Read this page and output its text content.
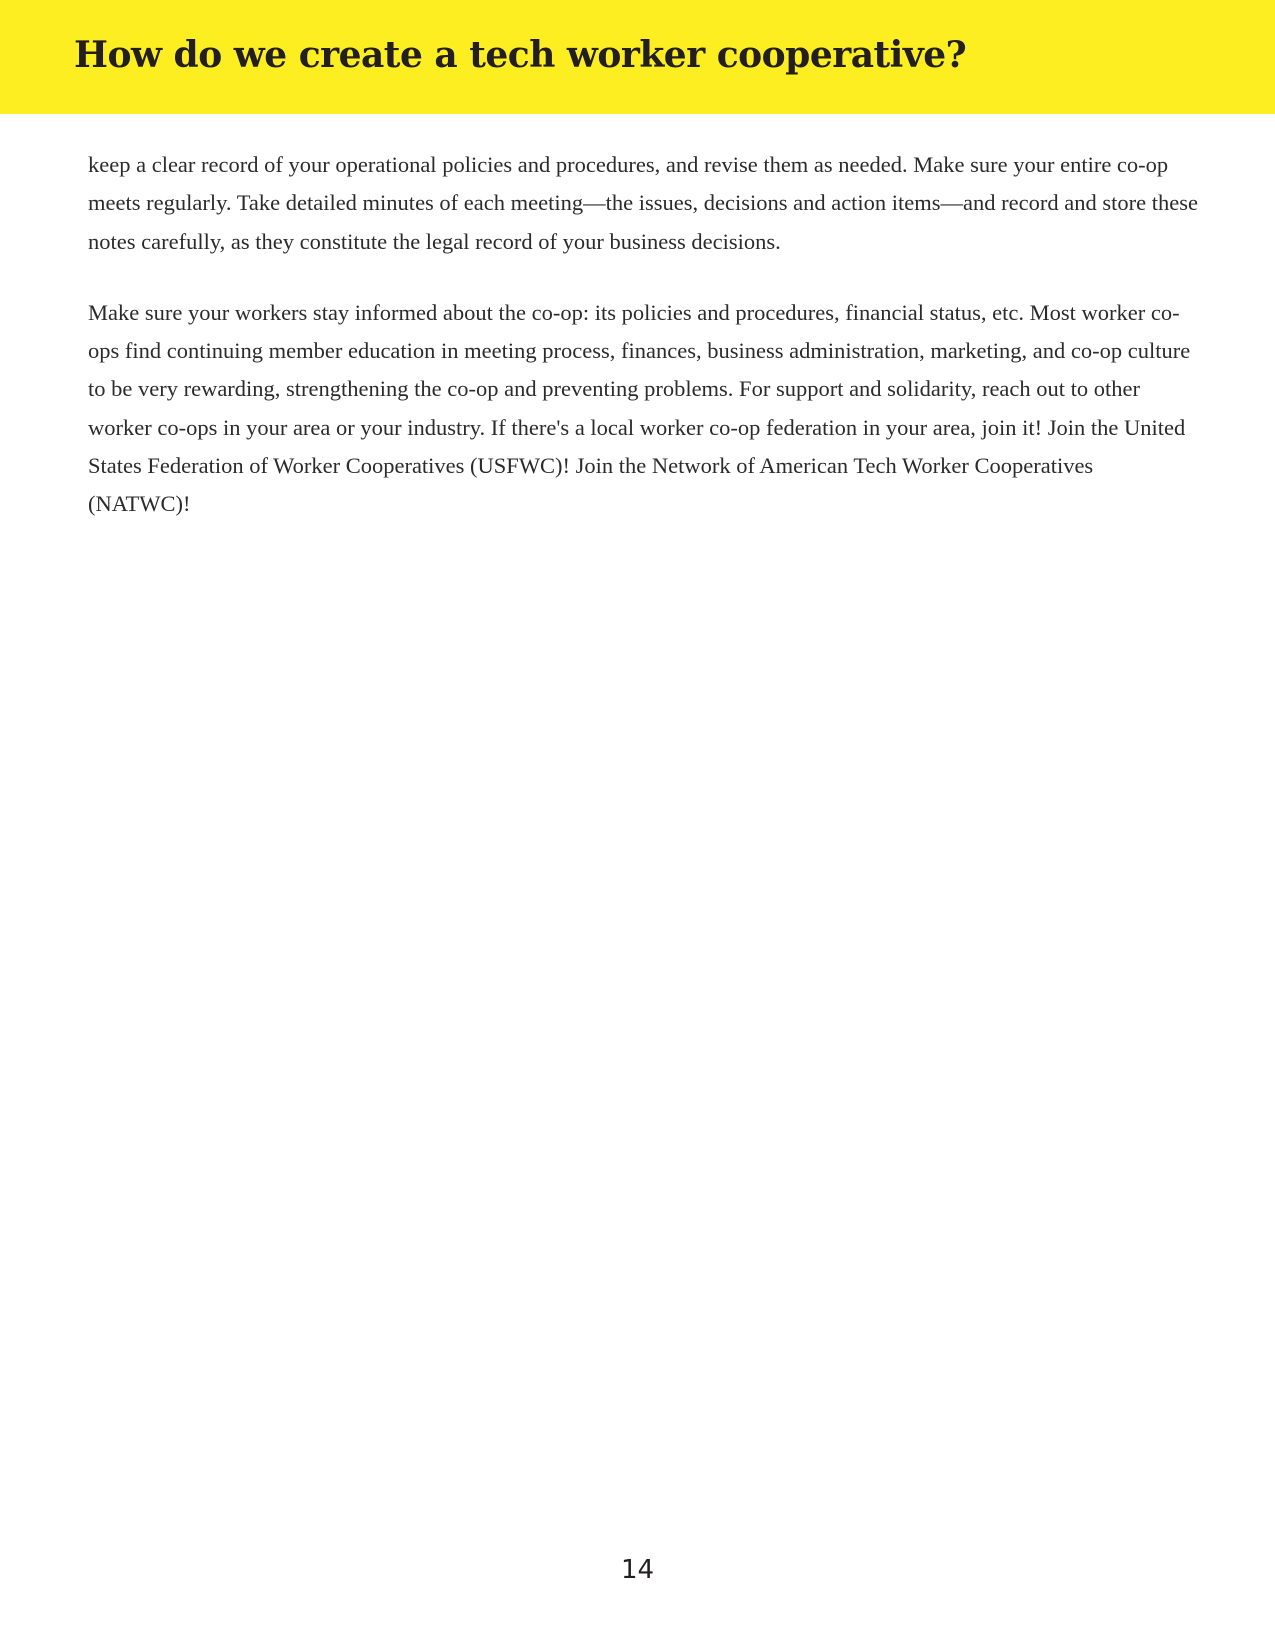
How do we create a tech worker cooperative?

keep a clear record of your operational policies and procedures, and revise them as needed. Make sure your entire co-op meets regularly. Take detailed minutes of each meeting—the issues, decisions and action items—and record and store these notes carefully, as they constitute the legal record of your business decisions.

Make sure your workers stay informed about the co-op: its policies and procedures, financial status, etc. Most worker co-ops find continuing member education in meeting process, finances, business administration, marketing, and co-op culture to be very rewarding, strengthening the co-op and preventing problems. For support and solidarity, reach out to other worker co-ops in your area or your industry. If there's a local worker co-op federation in your area, join it! Join the United States Federation of Worker Cooperatives (USFWC)! Join the Network of American Tech Worker Cooperatives (NATWC)!

14
